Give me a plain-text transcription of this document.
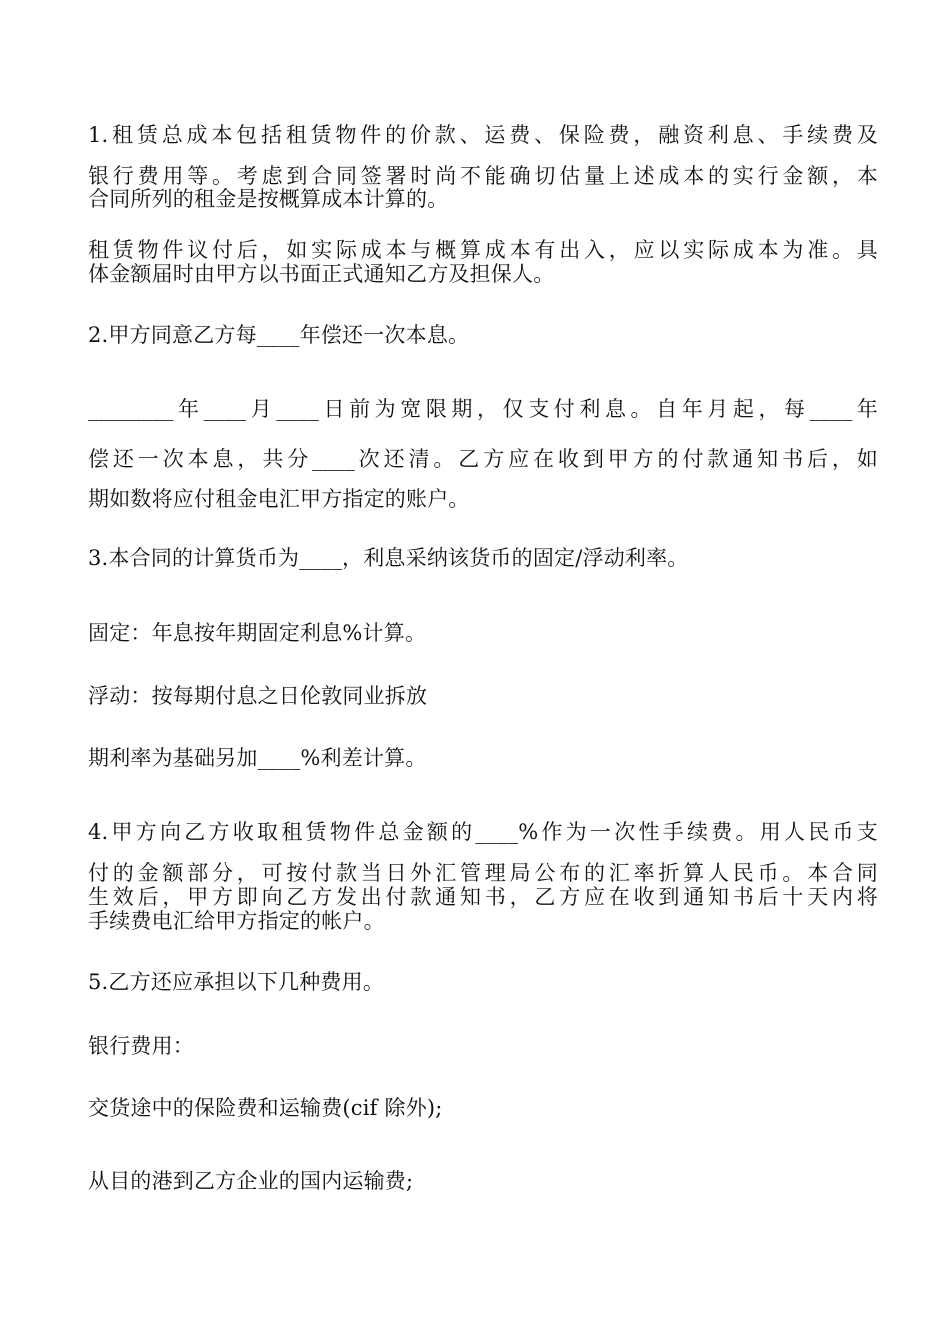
1.租赁总成本包括租赁物件的价款、运费、保险费，融资利息、手续费及
银行费用等。考虑到合同签署时尚不能确切估量上述成本的实行金额，本
合同所列的租金是按概算成本计算的。
租赁物件议付后，如实际成本与概算成本有出入，应以实际成本为准。具
体金额届时由甲方以书面正式通知乙方及担保人。
2.甲方同意乙方每____年偿还一次本息。
________年____月____日前为宽限期，仅支付利息。自年月起，每____年
偿还一次本息，共分____次还清。乙方应在收到甲方的付款通知书后，如
期如数将应付租金电汇甲方指定的账户。
3.本合同的计算货币为____，利息采纳该货币的固定/浮动利率。
固定：年息按年期固定利息%计算。
浮动：按每期付息之日伦敦同业拆放
期利率为基础另加____%利差计算。
4.甲方向乙方收取租赁物件总金额的____%作为一次性手续费。用人民币支
付的金额部分，可按付款当日外汇管理局公布的汇率折算人民币。本合同
生效后，甲方即向乙方发出付款通知书，乙方应在收到通知书后十天内将
手续费电汇给甲方指定的帐户。
5.乙方还应承担以下几种费用。
银行费用：
交货途中的保险费和运输费(cif 除外);
从目的港到乙方企业的国内运输费;
